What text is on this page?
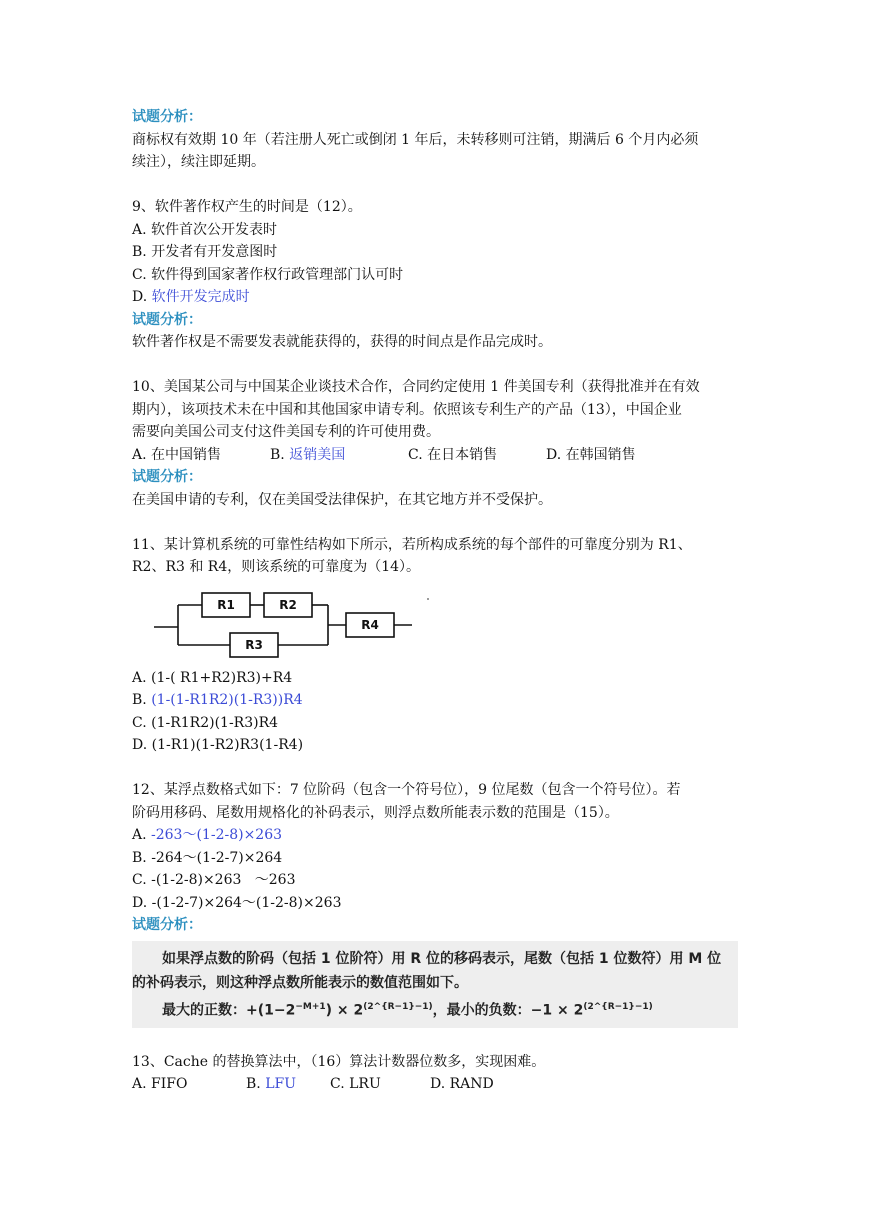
试题分析：
商标权有效期 10 年（若注册人死亡或倒闭 1 年后，未转移则可注销，期满后 6 个月内必须
续注），续注即延期。
9、软件著作权产生的时间是（12）。
A. 软件首次公开发表时
B. 开发者有开发意图时
C. 软件得到国家著作权行政管理部门认可时
D. 软件开发完成时
试题分析：
软件著作权是不需要发表就能获得的，获得的时间点是作品完成时。
10、美国某公司与中国某企业谈技术合作，合同约定使用 1 件美国专利（获得批准并在有效
期内），该项技术未在中国和其他国家申请专利。依照该专利生产的产品（13），中国企业
需要向美国公司支付这件美国专利的许可使用费。
A. 在中国销售	B. 返销美国	C. 在日本销售	D. 在韩国销售
试题分析：
在美国申请的专利，仅在美国受法律保护，在其它地方并不受保护。
11、某计算机系统的可靠性结构如下所示，若所构成系统的每个部件的可靠度分别为 R1、
R2、R3 和 R4，则该系统的可靠度为（14）。
R1	R2
R3
R4
A. (1-( R1+R2)R3)+R4
B. (1-(1-R1R2)(1-R3))R4
C. (1-R1R2)(1-R3)R4
D. (1-R1)(1-R2)R3(1-R4)
12、某浮点数格式如下：7 位阶码（包含一个符号位），9 位尾数（包含一个符号位）。若
阶码用移码、尾数用规格化的补码表示，则浮点数所能表示数的范围是（15）。
A. -263～(1-2-8)×263
B. -264～(1-2-7)×264
C. -(1-2-8)×263   ～263
D. -(1-2-7)×264～(1-2-8)×263
试题分析：
如果浮点数的阶码（包括 1 位阶符）用 R 位的移码表示，尾数（包括 1 位数符）用 M 位
的补码表示，则这种浮点数所能表示的数值范围如下。
最大的正数：$+(1-2^{-M+1}) \times 2^{(2\^{}\{R-1\}-1)}$，最小的负数：$-1 \times 2^{(2\^{}\{R-1\}-1)}$
13、Cache 的替换算法中，（16）算法计数器位数多，实现困难。
A. FIFO	B. LFU	C. LRU	D. RAND
